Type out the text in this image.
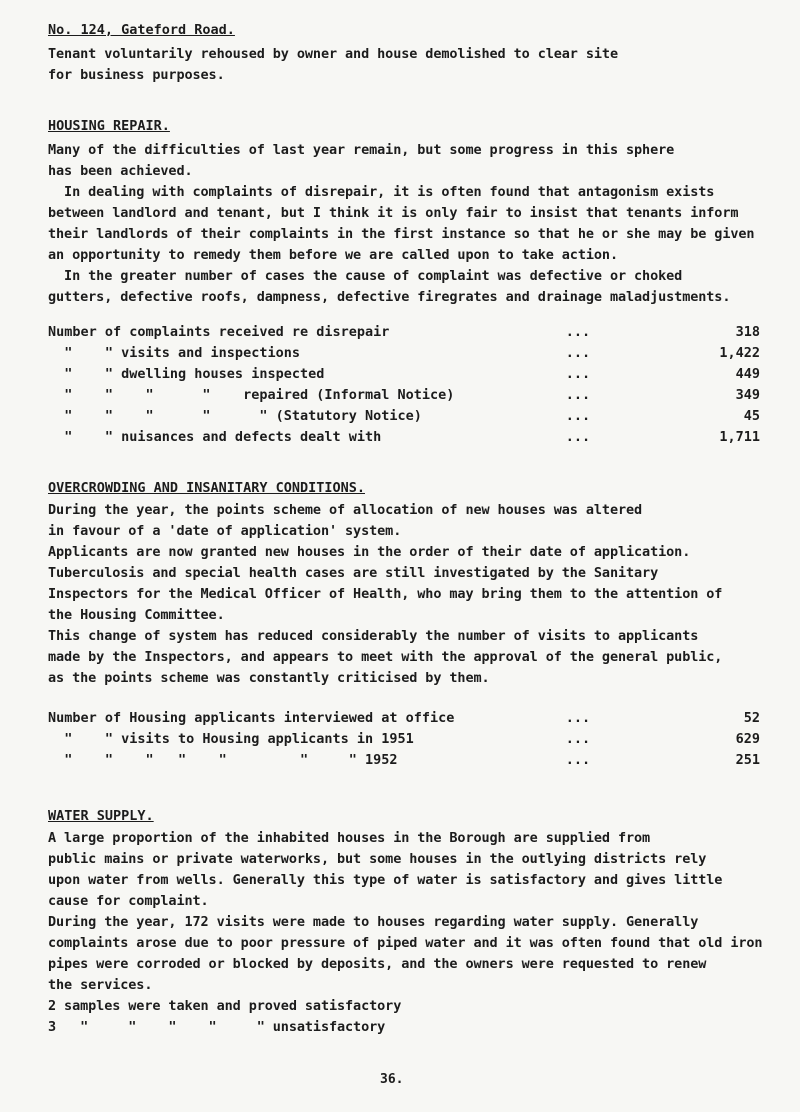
No. 124, Gateford Road.
Tenant voluntarily rehoused by owner and house demolished to clear site
for business purposes.
HOUSING REPAIR.
Many of the difficulties of last year remain, but some progress in this sphere
has been achieved.
In dealing with complaints of disrepair, it is often found that antagonism exists
between landlord and tenant, but I think it is only fair to insist that tenants inform
their landlords of their complaints in the first instance so that he or she may be given
an opportunity to remedy them before we are called upon to take action.
In the greater number of cases the cause of complaint was defective or choked
gutters, defective roofs, dampness, defective firegrates and drainage maladjustments.
Number of complaints received re disrepair	...	318
"    " visits and inspections	...	1,422
"    " dwelling houses inspected	...	449
"    "    "      "    repaired (Informal Notice)	...	349
"    "    "      "      " (Statutory Notice)	...	45
"    " nuisances and defects dealt with	...	1,711
OVERCROWDING AND INSANITARY CONDITIONS.
During the year, the points scheme of allocation of new houses was altered
in favour of a 'date of application' system.
Applicants are now granted new houses in the order of their date of application.
Tuberculosis and special health cases are still investigated by the Sanitary
Inspectors for the Medical Officer of Health, who may bring them to the attention of
the Housing Committee.
This change of system has reduced considerably the number of visits to applicants
made by the Inspectors, and appears to meet with the approval of the general public,
as the points scheme was constantly criticised by them.
Number of Housing applicants interviewed at office	...	52
"    " visits to Housing applicants in 1951	...	629
"    "    "   "    "         "     " 1952	...	251
WATER SUPPLY.
A large proportion of the inhabited houses in the Borough are supplied from
public mains or private waterworks, but some houses in the outlying districts rely
upon water from wells. Generally this type of water is satisfactory and gives little
cause for complaint.
During the year, 172 visits were made to houses regarding water supply. Generally
complaints arose due to poor pressure of piped water and it was often found that old iron
pipes were corroded or blocked by deposits, and the owners were requested to renew
the services.
2 samples were taken and proved satisfactory
3   "     "    "    "     " unsatisfactory
36.
